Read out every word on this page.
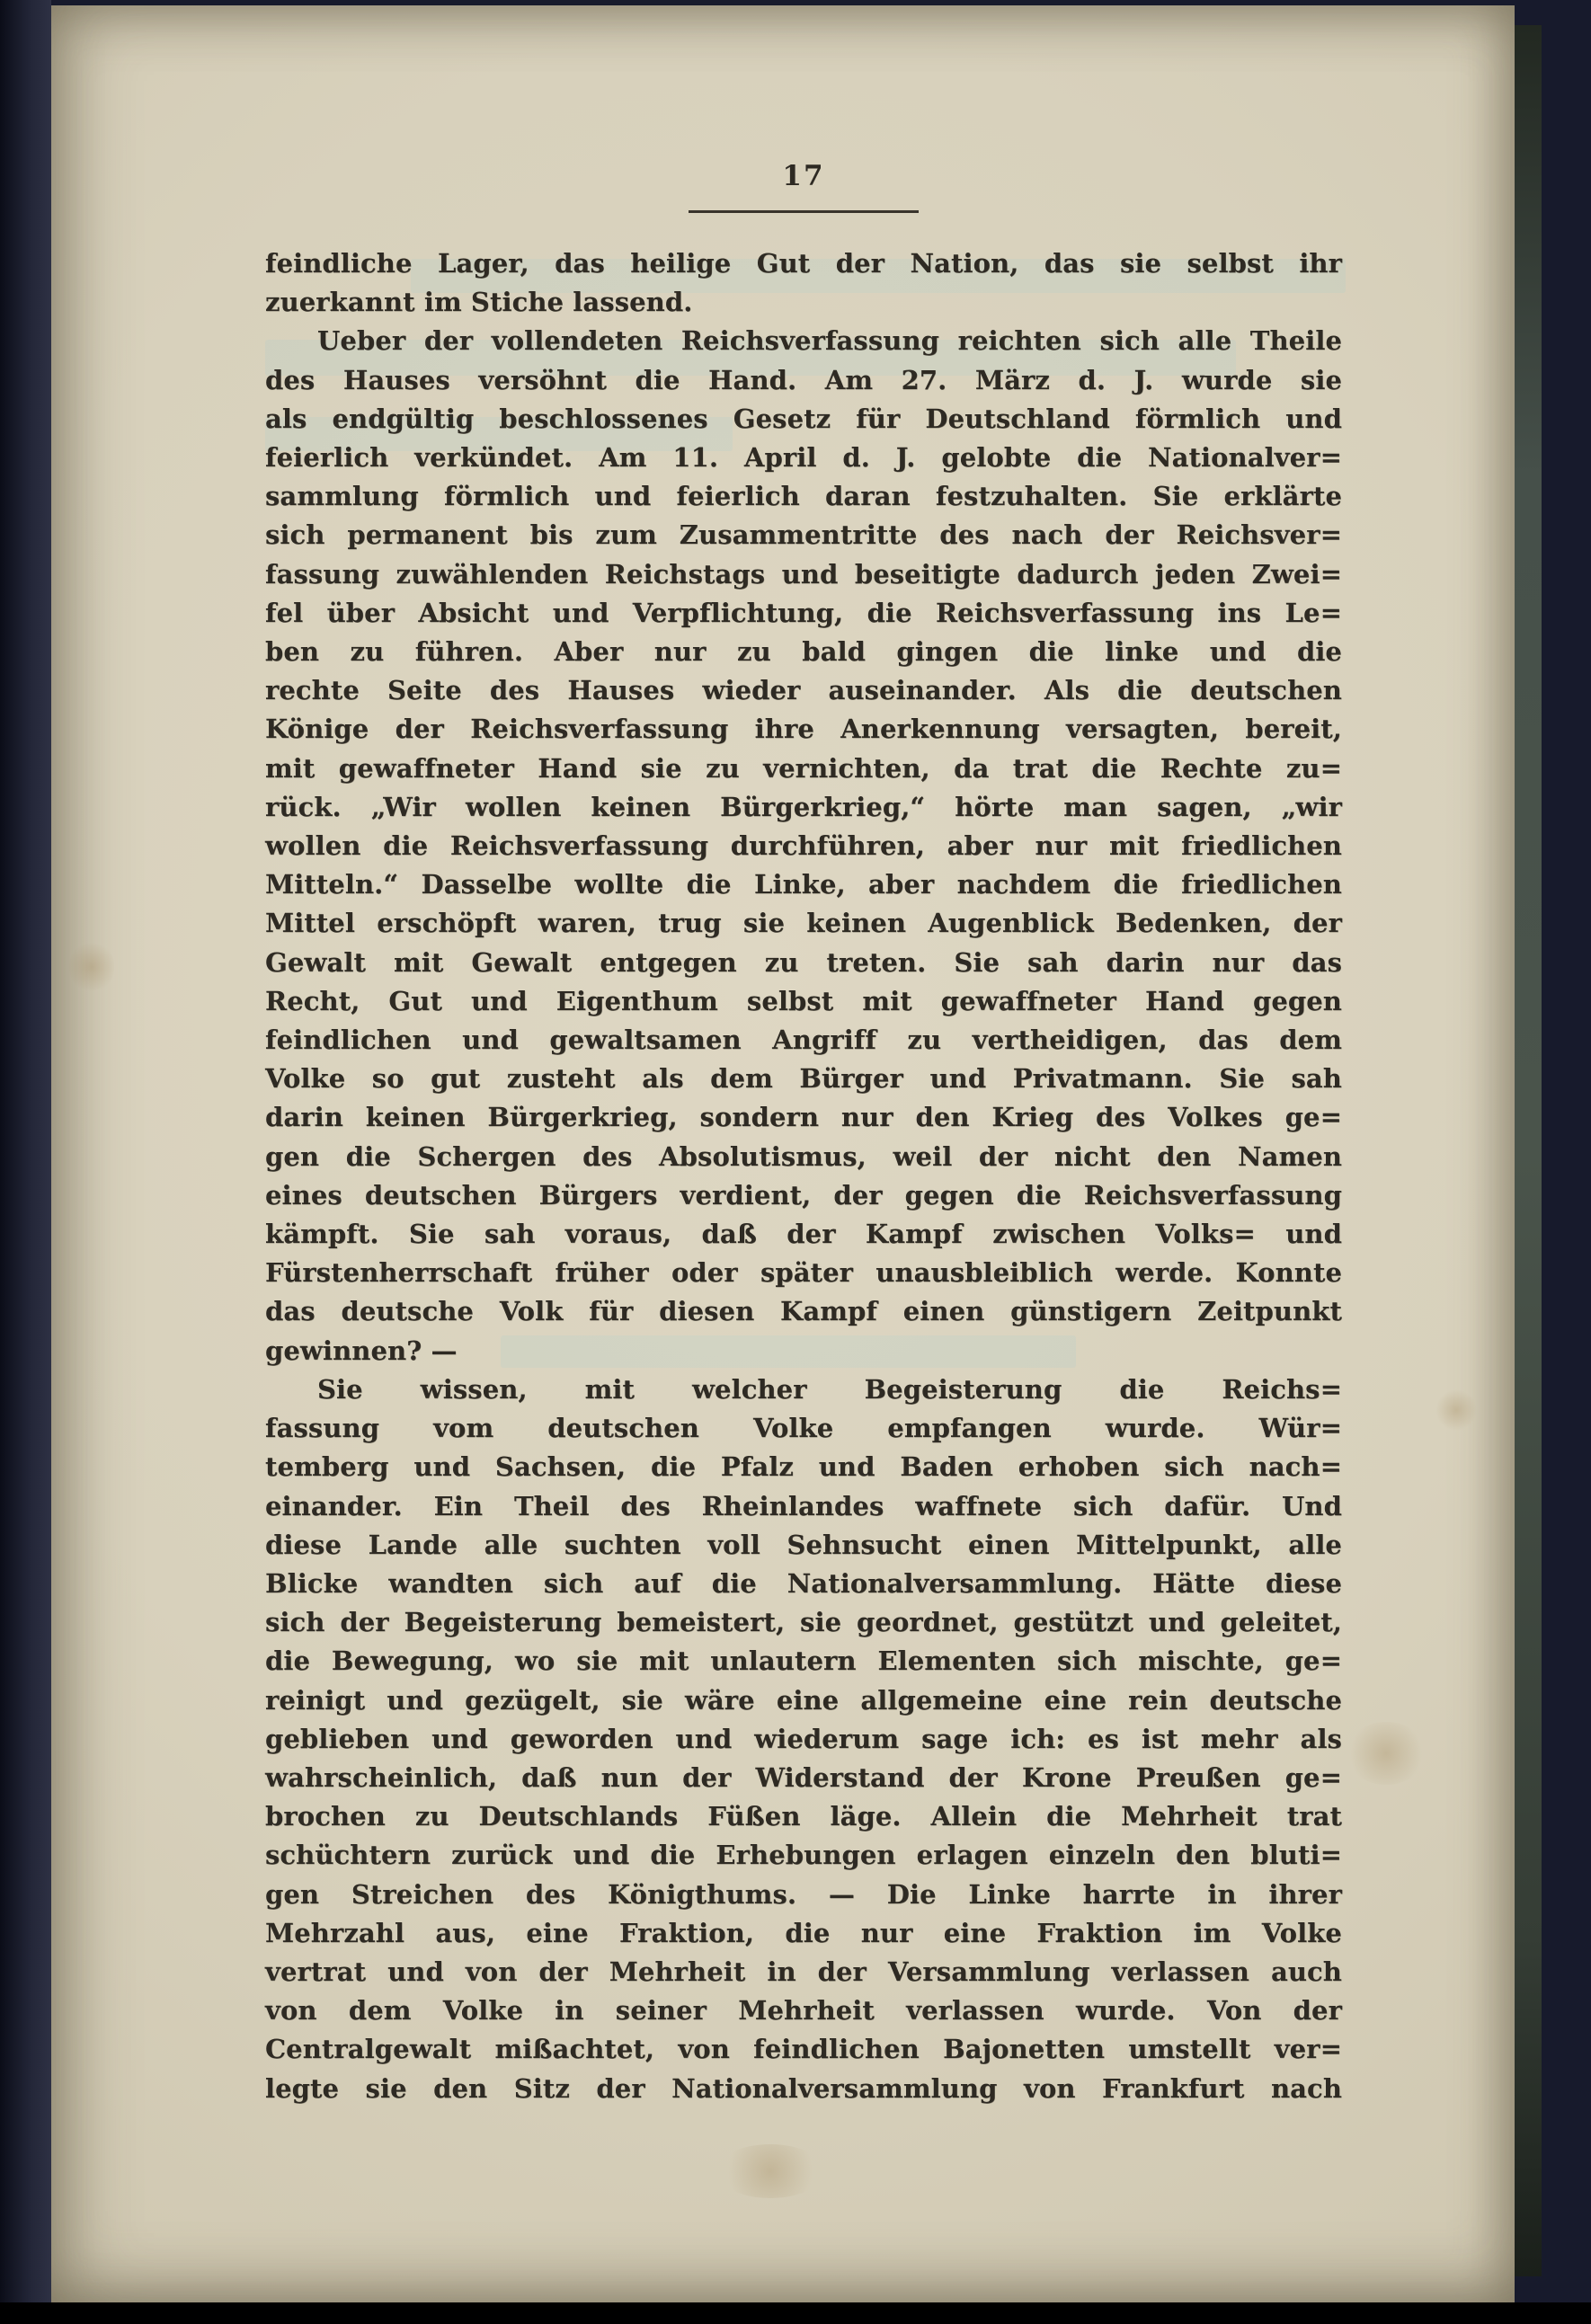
17
feindliche Lager, das heilige Gut der Nation, das sie selbst ihr
zuerkannt im Stiche lassend.
Ueber der vollendeten Reichsverfassung reichten sich alle Theile
des Hauses versöhnt die Hand. Am 27. März d. J. wurde sie
als endgültig beschlossenes Gesetz für Deutschland förmlich und
feierlich verkündet. Am 11. April d. J. gelobte die Nationalver=
sammlung förmlich und feierlich daran festzuhalten. Sie erklärte
sich permanent bis zum Zusammentritte des nach der Reichsver=
fassung zuwählenden Reichstags und beseitigte dadurch jeden Zwei=
fel über Absicht und Verpflichtung, die Reichsverfassung ins Le=
ben zu führen. Aber nur zu bald gingen die linke und die
rechte Seite des Hauses wieder auseinander. Als die deutschen
Könige der Reichsverfassung ihre Anerkennung versagten, bereit,
mit gewaffneter Hand sie zu vernichten, da trat die Rechte zu=
rück. „Wir wollen keinen Bürgerkrieg,“ hörte man sagen, „wir
wollen die Reichsverfassung durchführen, aber nur mit friedlichen
Mitteln.“ Dasselbe wollte die Linke, aber nachdem die friedlichen
Mittel erschöpft waren, trug sie keinen Augenblick Bedenken, der
Gewalt mit Gewalt entgegen zu treten. Sie sah darin nur das
Recht, Gut und Eigenthum selbst mit gewaffneter Hand gegen
feindlichen und gewaltsamen Angriff zu vertheidigen, das dem
Volke so gut zusteht als dem Bürger und Privatmann. Sie sah
darin keinen Bürgerkrieg, sondern nur den Krieg des Volkes ge=
gen die Schergen des Absolutismus, weil der nicht den Namen
eines deutschen Bürgers verdient, der gegen die Reichsverfassung
kämpft. Sie sah voraus, daß der Kampf zwischen Volks= und
Fürstenherrschaft früher oder später unausbleiblich werde. Konnte
das deutsche Volk für diesen Kampf einen günstigern Zeitpunkt
gewinnen? —
Sie wissen, mit welcher Begeisterung die Reichs=
fassung vom deutschen Volke empfangen wurde. Wür=
temberg und Sachsen, die Pfalz und Baden erhoben sich nach=
einander. Ein Theil des Rheinlandes waffnete sich dafür. Und
diese Lande alle suchten voll Sehnsucht einen Mittelpunkt, alle
Blicke wandten sich auf die Nationalversammlung. Hätte diese
sich der Begeisterung bemeistert, sie geordnet, gestützt und geleitet,
die Bewegung, wo sie mit unlautern Elementen sich mischte, ge=
reinigt und gezügelt, sie wäre eine allgemeine eine rein deutsche
geblieben und geworden und wiederum sage ich: es ist mehr als
wahrscheinlich, daß nun der Widerstand der Krone Preußen ge=
brochen zu Deutschlands Füßen läge. Allein die Mehrheit trat
schüchtern zurück und die Erhebungen erlagen einzeln den bluti=
gen Streichen des Königthums. — Die Linke harrte in ihrer
Mehrzahl aus, eine Fraktion, die nur eine Fraktion im Volke
vertrat und von der Mehrheit in der Versammlung verlassen auch
von dem Volke in seiner Mehrheit verlassen wurde. Von der
Centralgewalt mißachtet, von feindlichen Bajonetten umstellt ver=
legte sie den Sitz der Nationalversammlung von Frankfurt nach
